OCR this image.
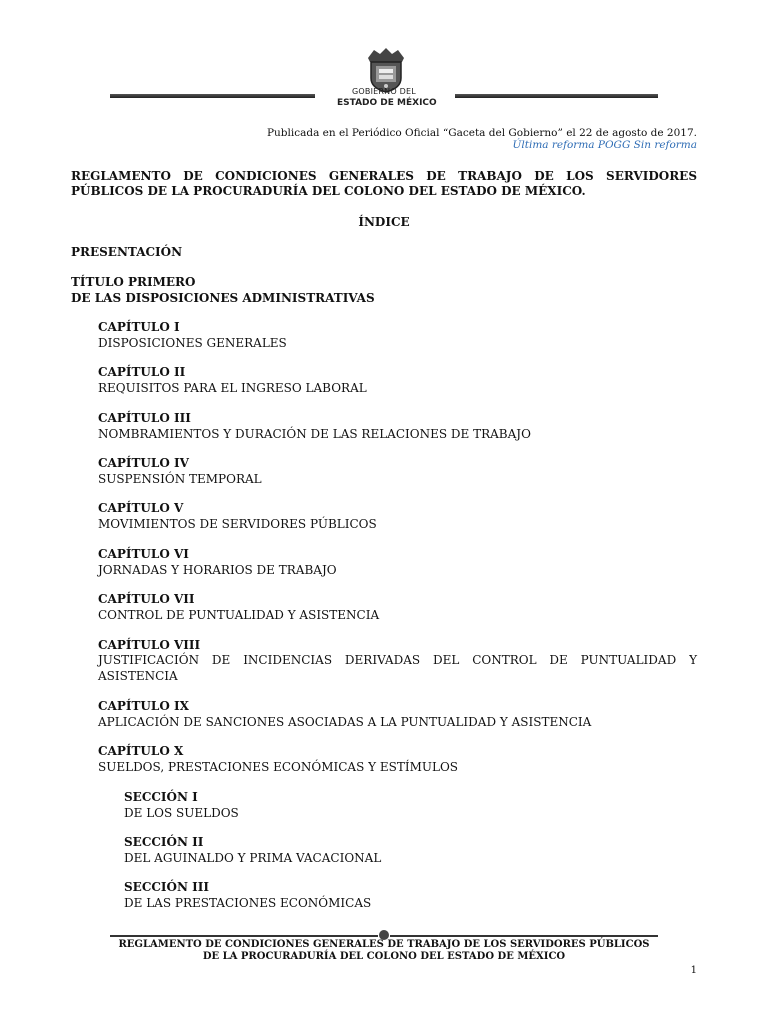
GOBIERNO DEL
ESTADO DE MÉXICO
Publicada en el Periódico Oficial “Gaceta del Gobierno” el 22 de agosto de 2017.
Última reforma POGG Sin reforma
REGLAMENTO DE CONDICIONES GENERALES DE TRABAJO DE LOS SERVIDORES PÚBLICOS DE LA PROCURADURÍA DEL COLONO DEL ESTADO DE MÉXICO.
ÍNDICE
PRESENTACIÓN
TÍTULO PRIMERO
DE LAS DISPOSICIONES ADMINISTRATIVAS
CAPÍTULO I
DISPOSICIONES GENERALES
CAPÍTULO II
REQUISITOS PARA EL INGRESO LABORAL
CAPÍTULO III
NOMBRAMIENTOS Y DURACIÓN DE LAS RELACIONES DE TRABAJO
CAPÍTULO IV
SUSPENSIÓN TEMPORAL
CAPÍTULO V
MOVIMIENTOS DE SERVIDORES PÚBLICOS
CAPÍTULO VI
JORNADAS Y HORARIOS DE TRABAJO
CAPÍTULO VII
CONTROL DE PUNTUALIDAD Y ASISTENCIA
CAPÍTULO VIII
JUSTIFICACIÓN DE INCIDENCIAS DERIVADAS DEL CONTROL DE PUNTUALIDAD Y ASISTENCIA
CAPÍTULO IX
APLICACIÓN DE SANCIONES ASOCIADAS A LA PUNTUALIDAD Y ASISTENCIA
CAPÍTULO X
SUELDOS, PRESTACIONES ECONÓMICAS Y ESTÍMULOS
SECCIÓN I
DE LOS SUELDOS
SECCIÓN II
DEL AGUINALDO Y PRIMA VACACIONAL
SECCIÓN III
DE LAS PRESTACIONES ECONÓMICAS
REGLAMENTO DE CONDICIONES GENERALES DE TRABAJO DE LOS SERVIDORES PÚBLICOS
DE LA PROCURADURÍA DEL COLONO DEL ESTADO DE MÉXICO
1
